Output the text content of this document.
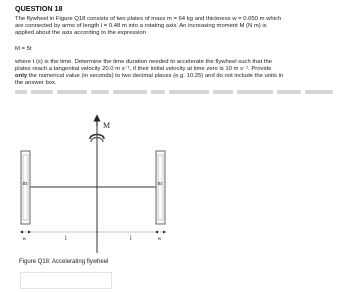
QUESTION 18
The flywheel in Figure Q18 consists of two plates of mass m = 64 kg and thickness w = 0.050 m which
are connected by arms of length l = 0.48 m into a rotating axis. An increasing moment M (N m) is
applied about the axis according to the expression
M = 5t
where t (s) is the time. Determine the time duration needed to accelerate the flywheel such that the
plates reach a tangential velocity 20.0 m s⁻¹, if their initial velocity at time zero is 10 m s⁻¹. Provide
only the numerical value (in seconds) to two decimal places (e.g. 10.25) and do not include the units in
the answer box.
M
m	m
w	l	l	w
Figure Q18: Accelerating flywheel
